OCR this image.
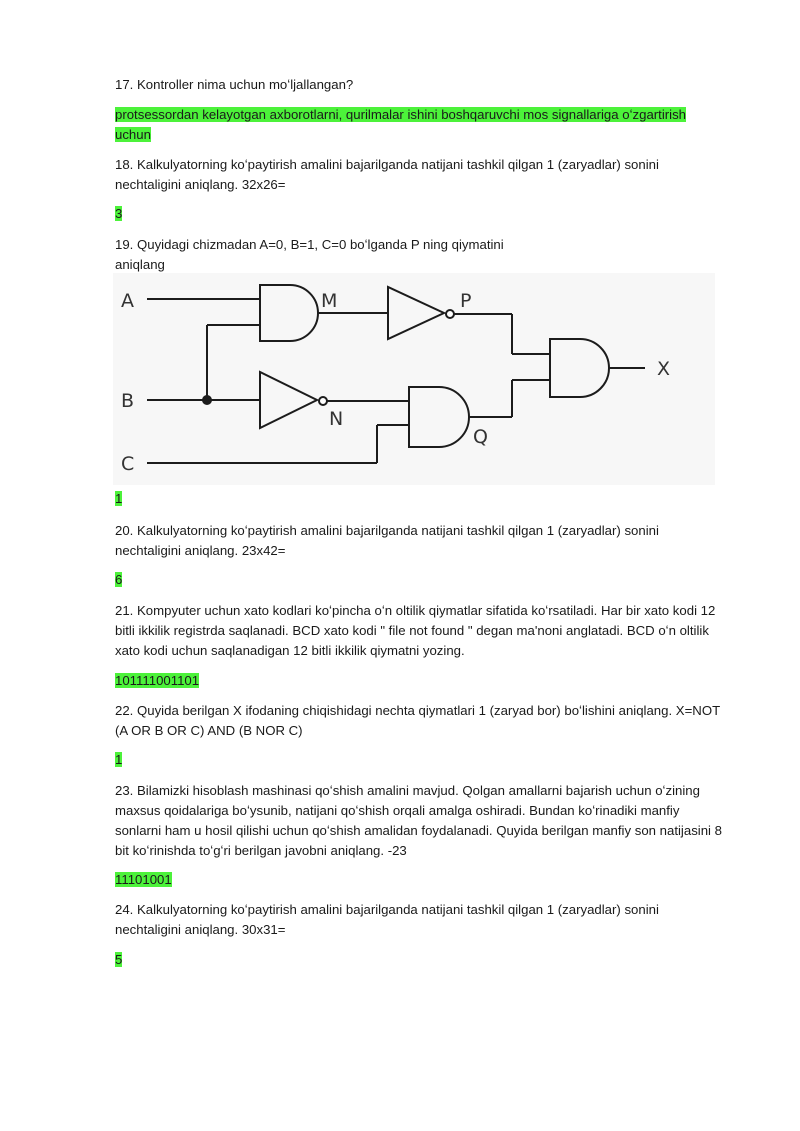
17. Kontroller nima uchun moʻljallangan?

protsessordan kelayotgan axborotlarni, qurilmalar ishini boshqaruvchi mos signallariga oʻzgartirish
uchun

18. Kalkulyatorning koʻpaytirish amalini bajarilganda natijani tashkil qilgan 1 (zaryadlar) sonini
nechtaligini aniqlang. 32x26=

3

19. Quyidagi chizmadan A=0, B=1, C=0 boʻlganda P ning qiymatini
aniqlang

A
B
C
M	P
N
Q
X

1

20. Kalkulyatorning koʻpaytirish amalini bajarilganda natijani tashkil qilgan 1 (zaryadlar) sonini
nechtaligini aniqlang. 23x42=

6

21. Kompyuter uchun xato kodlari koʻpincha oʻn oltilik qiymatlar sifatida koʻrsatiladi. Har bir xato kodi 12
bitli ikkilik registrda saqlanadi. BCD xato kodi " file not found " degan ma'noni anglatadi. BCD oʻn oltilik
xato kodi uchun saqlanadigan 12 bitli ikkilik qiymatni yozing.

101111001101

22. Quyida berilgan X ifodaning chiqishidagi nechta qiymatlari 1 (zaryad bor) boʻlishini aniqlang. X=NOT
(A OR B OR C) AND (B NOR C)

1

23. Bilamizki hisoblash mashinasi qoʻshish amalini mavjud. Qolgan amallarni bajarish uchun oʻzining
maxsus qoidalariga boʻysunib, natijani qoʻshish orqali amalga oshiradi. Bundan koʻrinadiki manfiy
sonlarni ham u hosil qilishi uchun qoʻshish amalidan foydalanadi. Quyida berilgan manfiy son natijasini 8
bit koʻrinishda toʻgʻri berilgan javobni aniqlang. -23

11101001

24. Kalkulyatorning koʻpaytirish amalini bajarilganda natijani tashkil qilgan 1 (zaryadlar) sonini
nechtaligini aniqlang. 30x31=

5
